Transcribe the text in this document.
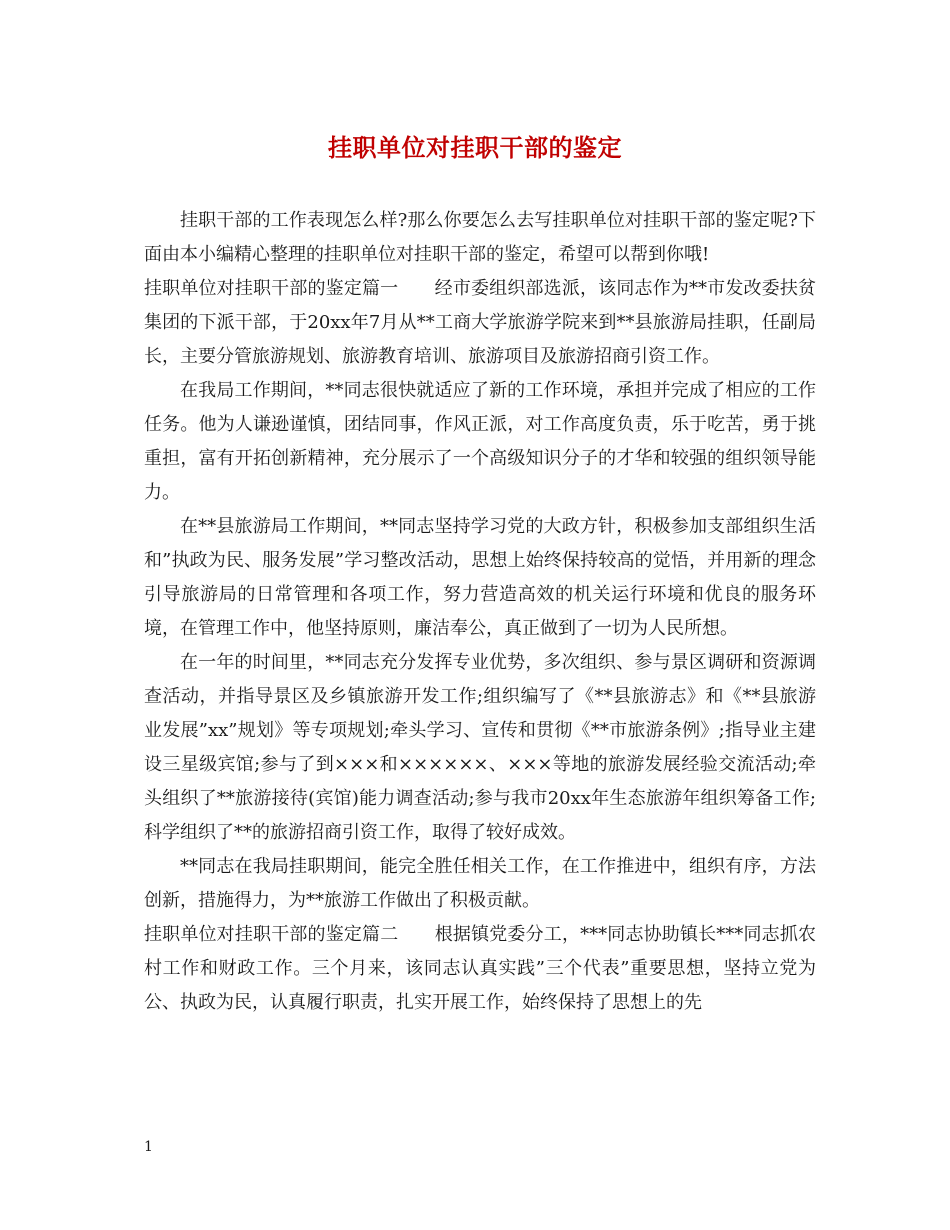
挂职单位对挂职干部的鉴定

挂职干部的工作表现怎么样?那么你要怎么去写挂职单位对挂职干部的鉴定呢?下面由本小编精心整理的挂职单位对挂职干部的鉴定，希望可以帮到你哦!

挂职单位对挂职干部的鉴定篇一　　经市委组织部选派，该同志作为**市发改委扶贫集团的下派干部，于20xx年7月从**工商大学旅游学院来到**县旅游局挂职，任副局长，主要分管旅游规划、旅游教育培训、旅游项目及旅游招商引资工作。

在我局工作期间，**同志很快就适应了新的工作环境，承担并完成了相应的工作任务。他为人谦逊谨慎，团结同事，作风正派，对工作高度负责，乐于吃苦，勇于挑重担，富有开拓创新精神，充分展示了一个高级知识分子的才华和较强的组织领导能力。

在**县旅游局工作期间，**同志坚持学习党的大政方针，积极参加支部组织生活和”执政为民、服务发展”学习整改活动，思想上始终保持较高的觉悟，并用新的理念引导旅游局的日常管理和各项工作，努力营造高效的机关运行环境和优良的服务环境，在管理工作中，他坚持原则，廉洁奉公，真正做到了一切为人民所想。

在一年的时间里，**同志充分发挥专业优势，多次组织、参与景区调研和资源调查活动，并指导景区及乡镇旅游开发工作;组织编写了《**县旅游志》和《**县旅游业发展”xx”规划》等专项规划;牵头学习、宣传和贯彻《**市旅游条例》;指导业主建设三星级宾馆;参与了到×××和××××××、×××等地的旅游发展经验交流活动;牵头组织了**旅游接待(宾馆)能力调查活动;参与我市20xx年生态旅游年组织筹备工作;科学组织了**的旅游招商引资工作，取得了较好成效。

**同志在我局挂职期间，能完全胜任相关工作，在工作推进中，组织有序，方法创新，措施得力，为**旅游工作做出了积极贡献。

挂职单位对挂职干部的鉴定篇二　　根据镇党委分工，***同志协助镇长***同志抓农村工作和财政工作。三个月来，该同志认真实践”三个代表”重要思想，坚持立党为公、执政为民，认真履行职责，扎实开展工作，始终保持了思想上的先

1
